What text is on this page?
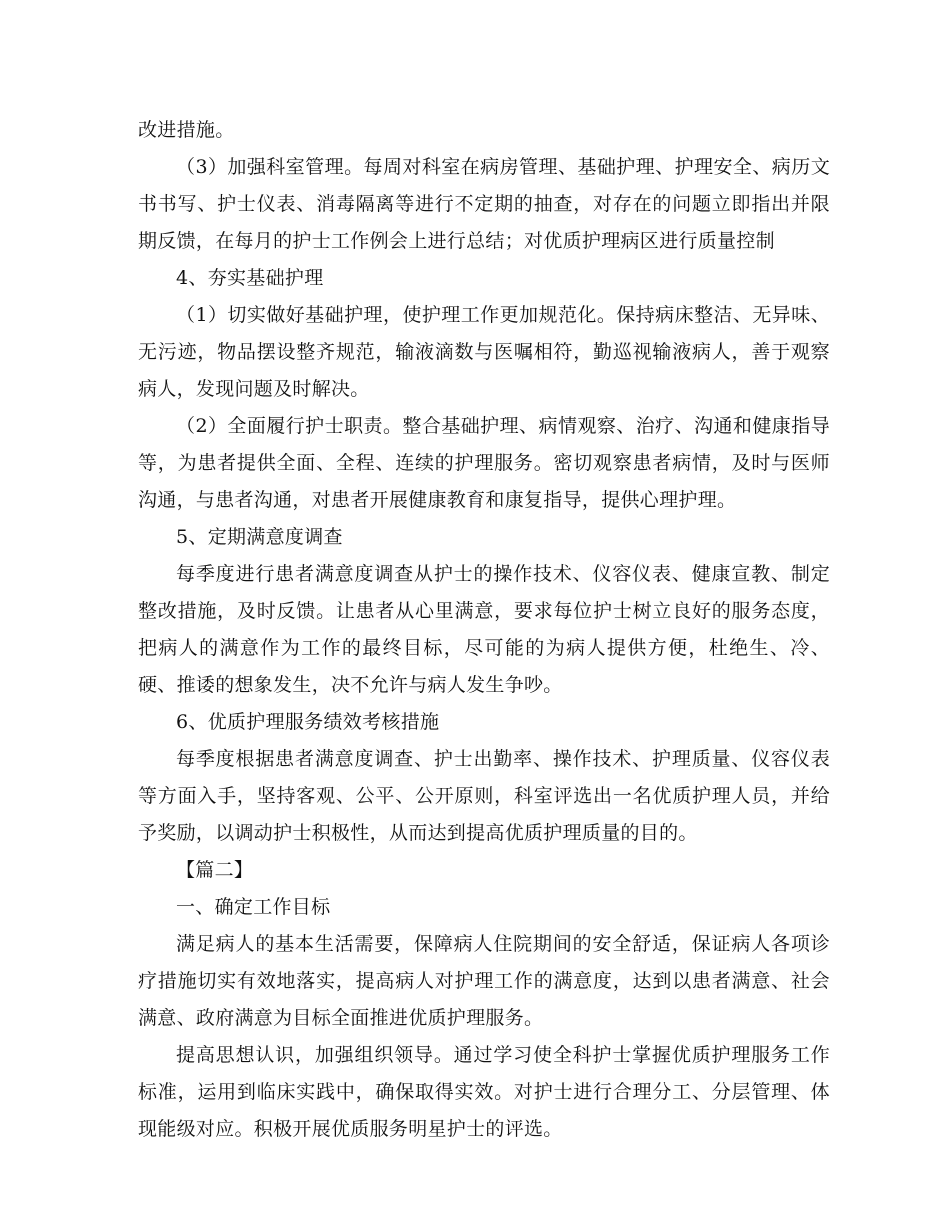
改进措施。

（3）加强科室管理。每周对科室在病房管理、基础护理、护理安全、病历文书书写、护士仪表、消毒隔离等进行不定期的抽查，对存在的问题立即指出并限期反馈，在每月的护士工作例会上进行总结；对优质护理病区进行质量控制

4、夯实基础护理

（1）切实做好基础护理，使护理工作更加规范化。保持病床整洁、无异味、无污迹，物品摆设整齐规范，输液滴数与医嘱相符，勤巡视输液病人，善于观察病人，发现问题及时解决。

（2）全面履行护士职责。整合基础护理、病情观察、治疗、沟通和健康指导等，为患者提供全面、全程、连续的护理服务。密切观察患者病情，及时与医师沟通，与患者沟通，对患者开展健康教育和康复指导，提供心理护理。

5、定期满意度调查

每季度进行患者满意度调查从护士的操作技术、仪容仪表、健康宣教、制定整改措施，及时反馈。让患者从心里满意，要求每位护士树立良好的服务态度，把病人的满意作为工作的最终目标，尽可能的为病人提供方便，杜绝生、冷、硬、推诿的想象发生，决不允许与病人发生争吵。

6、优质护理服务绩效考核措施

每季度根据患者满意度调查、护士出勤率、操作技术、护理质量、仪容仪表等方面入手，坚持客观、公平、公开原则，科室评选出一名优质护理人员，并给予奖励，以调动护士积极性，从而达到提高优质护理质量的目的。

【篇二】

一、确定工作目标

满足病人的基本生活需要，保障病人住院期间的安全舒适，保证病人各项诊疗措施切实有效地落实，提高病人对护理工作的满意度，达到以患者满意、社会满意、政府满意为目标全面推进优质护理服务。

提高思想认识，加强组织领导。通过学习使全科护士掌握优质护理服务工作标准，运用到临床实践中，确保取得实效。对护士进行合理分工、分层管理、体现能级对应。积极开展优质服务明星护士的评选。
